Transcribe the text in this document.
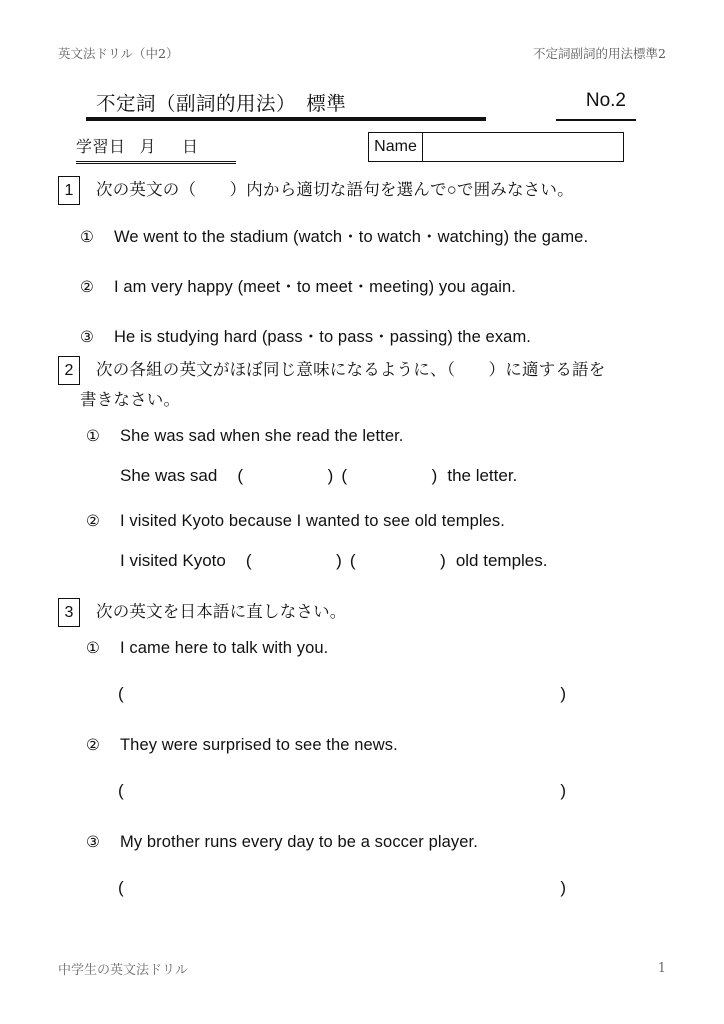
英文法ドリル（中2）	不定詞副詞的用法標準2
不定詞（副詞的用法）　標準	No.2
学習日 月 日	Name
1	次の英文の（　　）内から適切な語句を選んで○で囲みなさい。
①	We went to the stadium (watch・to watch・watching) the game.
②	I am very happy (meet・to meet・meeting) you again.
③	He is studying hard (pass・to pass・passing) the exam.
2	次の各組の英文がほぼ同じ意味になるように、（　　）に適する語を
書きなさい。
①	She was sad when she read the letter.
She was sad (	) (	) the letter.
②	I visited Kyoto because I wanted to see old temples.
I visited Kyoto (	) (	) old temples.
3	次の英文を日本語に直しなさい。
①	I came here to talk with you.
(	)
②	They were surprised to see the news.
(	)
③	My brother runs every day to be a soccer player.
(	)
中学生の英文法ドリル	1
